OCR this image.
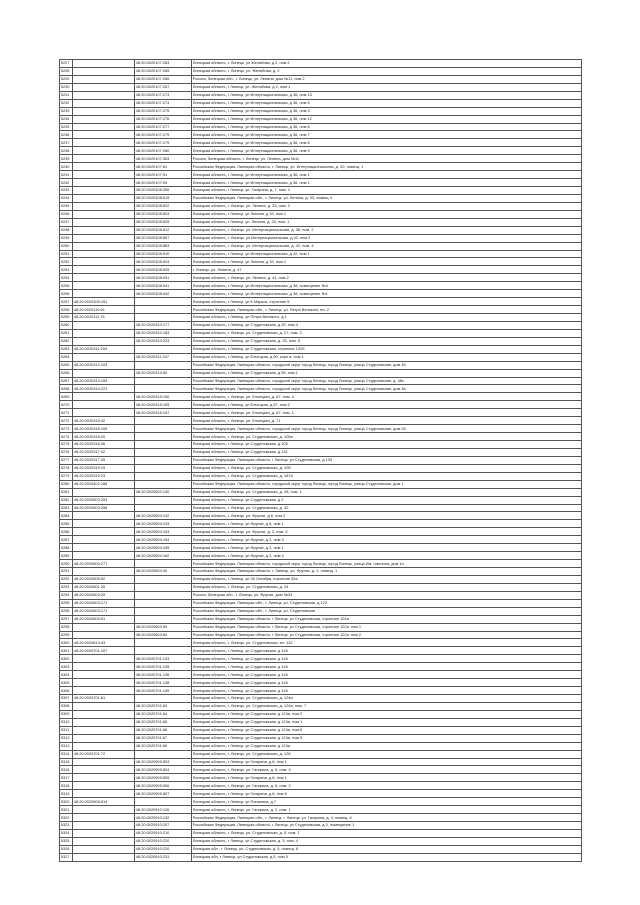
5227		48:20:0020107:263	Липецкая область, г. Липецк, ул Желябова, д 2, пом 2
5228		48:20:0020107:265	Липецкая область, г. Липецк, ул. Желябова, д. 2
5229		48:20:0020107:266	Россия, Липецкая обл., г. Липецк, ул. Ленина, дом №11, пом 2
5230		48:20:0020107:267	Липецкая область, г Липецк, ул. Желябова, д 2, пом 1
5231		48:20:0020107:273	Липецкая область, г Липецк, ул Интернациональная, д 36, пом 13
5232		48:20:0020107:274	Липецкая область, г Липецк, ул Интернациональная, д 36, пом 5
5233		48:20:0020107:275	Липецкая область, г Липецк, ул Интернациональная, д 36, пом 3
5234		48:20:0020107:276	Липецкая область, г Липецк, ул Интернациональная, д 36, пом 12
5235		48:20:0020107:277	Липецкая область, г Липецк, ул Интернациональная, д 36, пом 8
5236		48:20:0020107:279	Липецкая область, г Липецк, ул Интернациональная, д 36, пом 7
5237		48:20:0020107:279	Липецкая область, г Липецк, ул Интернациональная, д 36, пом 6
5238		48:20:0020107:280	Липецкая область, г Липецк, ул Интернациональная, д 36, пом 9
5239		48:20:0020107:353	Россия, Липецкая область, г. Липецк, ул. Ленина, дом №11
5240		48:20:0020107:81	Российская Федерация, Липецкая область, г. Липецк, ул. Интернациональная, д. 20, помещ. 1
5241		48:20:0020107:91	Липецкая область, г Липецк, ул Интернациональная, д 36, пом 1
5242		48:20:0020107:93	Липецкая область, г Липецк, ул Интернациональная, д 36, пом 1
5243		48:20:0020108:306	Липецкая область, г Липецк, ул. Гагарина, д. 7, пом. 1
5244		48:20:0020108:615	Российская Федерация, Липецкая обл., г. Липецк, ул. Ленина, д. 33, помещ 4
5245		48:20:0020108:622	Липецкая область, г. Липецк, ул. Ленина, д. 33, пом. 2
5246		48:20:0020108:624	Липецкая область, г Липецк, ул Ленина, д 33, пом 1
5247		48:20:0020108:625	Липецкая область, г Липецк, ул. Ленина, д. 33, пом. 1
5248		48:20:0020108:812	Липецкая область, г. Липецк, ул. Интернациональная, д. 38, пом. 2
5249		48:20:0020108:897	Липецкая область, г. Липецк, ул Интернациональная, д 42, пом 2
5250		48:20:0020108:863	Липецкая область, г. Липецк, ул. Интернациональная, д. 42, пом. 4
5251		48:20:0020108:910	Липецкая область, г Липецк, ул Интернациональная, д 42, пом 1
5252		48:20:0020108:924	Липецкая область, г Липецк, ул Ленина, д 33, пом 1
5253		48:20:0020108:925	г. Липецк, ул. Ленина, д. 47
5254		48:20:0020108:931	Липецкая область, г. Липецк, ул. Ленина, д. 41, пом 2
5255		48:20:0020108:941	Липецкая область, г Липецк, ул Интернациональная, д 38, помещение №4
5256		48:20:0020108:942	Липецкая область, г Липецк, ул Интернациональная, д 38, помещение №1
5257	48:20:0020109:151		Липецкая область, г Липецк, ул К Маркса, строение 5
5258	48:20:0020110:61		Российская Федерация, Липецкая обл., г. Липецк, ул. Петра Великого, вл. 2
5259	48:20:0020111:75		Липецкая область, г Липецк, ул Петра Великого, д 1
5260		48:20:0020310:177	Липецкая область, г Липецк, ул Студеновская, д 25, пом 4
5261		48:20:0020310:183	Липецкая область, г. Липецк, ул. Студеновская, д. 27, пом. 2
5262		48:20:0020310:223	Липецкая область, г Липецк, ул Студеновская, д. 25, пом. 5
5263	48:20:0020311:204		Липецкая область, г Липецк, ул Студеновская, строение 122б
5264		48:20:0020311:207	Липецкая область, г Липецк, ул Ельецкая, д 60, корп а, пом 1
5265	48:20:0020312:103		Российская Федерация, Липецкая область, городской округ город Липецк, город Липецк, улица Студеновская, дом 45
5266		48:20:0020313:50	Липецкая область, г Липецк, ул Студеновская, д 55, пом 1
5267	48:20:0020314:153		Российская Федерация, Липецкая область, городской округ город Липецк, город Липецк, улица Студеновская, д. 48с
5268	48:20:0020314:221		Российская Федерация, Липецкая область, городской округ город Липецк, город Липецк, улица Студеновская, дом 46
5269		48:20:0020315:150	Липецкая область, г. Липецк, ул. Ельецкая, д. 67, пом. 4
5270		48:20:0020315:155	Липецкая область, г Липецк, ул Ельецкая, д 67, пом 2
5271		48:20:0020315:157	Липецкая область, г. Липецк, ул. Ельецкая, д. 67, пом. 1
5272	48:20:0020315:42		Липецкая область, г. Липецк, ул. Ельецкая, д. 71
5273	48:20:0020316:105		Российская Федерация, Липецкая область, городской округ город Липецк, город Липецк, улица Студеновская, дом 93
5274	48:20:0020316:20		Липецкая область, г. Липецк, ул. Студеновская, д. 105а
5275	48:20:0020316:36		Липецкая область, г Липецк, ул Студеновская, д 105
5276	48:20:0020317:42		Липецкая область, г Липецк, ул Студеновская, д 131
5277	48:20:0020317:49		Российская Федерация, Липецкая область, г Липецк, ул Студеновская, д 133
5278	48:20:0020319:19		Липецкая область, г. Липецк, ул. Студеновская, д. 105
5279	48:20:0020319:23		Липецкая область, г. Липецк, ул. Студеновская, д. 187а
5280	48:20:0020402:168		Российская Федерация, Липецкая область, городской округ город Липецк, город Липецк, улица Студеновская, дом 1
5281		48:20:0020502:140	Липецкая область, г. Липецк, ул. Студеновская, д. 28, пом. 1
5282	48:20:0020503:293		Липецкая область, г Липецк, ул Студеновская, д 2
5283	48:20:0020503:298		Липецкая область, г. Липецк, ул. Студеновская, д. 32
5284		48:20:0020504:132	Липецкая область, г. Липецк, ул. Фрунзе, д 6, пом 2
5285		48:20:0020504:133	Липецкая область, г Липецк, ул Фрунзе, д 6, пом 1
5286		48:20:0020504:153	Липецкая область, г. Липецк, ул. Фрунзе, д. 2, пом. 5
5287		48:20:0020504:154	Липецкая область, г Липецк, ул Фрунзе, д 2, пом 3
5288		48:20:0020504:155	Липецкая область, г Липецк, ул Фрунзе, д 2, пом 1
5289		48:20:0020504:162	Липецкая область, г Липецк, ул Фрунзе, д 2, пом 4
5290	48:20:0020504:277		Российская Федерация, Липецкая область, городской округ город Липецк, город Липецк, улица Им. Чаплина, дом 1и
5291		48:20:0020504:40	Российская Федерация, Липецкая область, г. Липецк, ул. Фрунзе, д. 2, помещ. 1
5292	48:20:0020505:52		Липецкая область, г Липецк, ул 30 Октября, строение 33а
5293	48:20:0020601:26		Липецкая область, г. Липецк, ул. Студеновская, д. 24
5294	48:20:0020603:29		Россия, Липецкая обл., г. Липецк, ул. Фрунзе, дом №33
5295	48:20:0020603:171		Российская Федерация, Липецкая обл., г. Липецк, ул. Студеновская, д 122
5296	48:20:0020603:171		Российская Федерация, Липецкая обл., г. Липецк, ул. Студеновская
5297	48:20:0020603:51		Российская Федерация, Липецкая область, г Липецк, ул Студеновская, строение 124а
5298		48:20:0020603:59	Российская Федерация, Липецкая область, г Липецк, ул Студеновская, строение 122а, пом 1
5299		48:20:0020603:60	Российская Федерация, Липецкая область, г Липецк, ул Студеновская, строение 122а, пом 2
5300	48:20:0020613:43		Липецкая область, г. Липецк, ул. Студеновская, вл. 132
5301	48:20:0020701:107		Липецкая область, г Липецк, ул Студеновская, д 126
5302		48:20:0020701:133	Липецкая область, г Липецк, ул Студеновская, д 126
5303		48:20:0020701:135	Липецкая область, г Липецк, ул Студеновская, д 126
5304		48:20:0020701:136	Липецкая область, г Липецк, ул Студеновская, д 126
5305		48:20:0020701:138	Липецкая область, г Липецк, ул Студеновская, д 126
5306		48:20:0020701:139	Липецкая область, г Липецк, ул Студеновская, д 126
5307	48:20:0020701:61		Липецкая область, г. Липецк, ул. Студеновская, д. 124а
5308		48:20:0020701:63	Липецкая область, г. Липецк, ул. Студеновская, д. 124а, пом. 7
5309		48:20:0020701:64	Липецкая область, г Липецк, ул Студеновская, д 124а, пом 2
5310		48:20:0020701:65	Липецкая область, г Липецк, ул Студеновская, д 124а, пом 1
5311		48:20:0020701:66	Липецкая область, г Липецк, ул Студеновская, д 124а, пом 6
5312		48:20:0020701:67	Липецкая область, г Липецк, ул Студеновская, д 124а, пом 5
5313		48:20:0020701:69	Липецкая область, г Липецк, ул Студеновская, д 124а
5314	48:20:0020701:72		Липецкая область, г. Липецк, ул. Студеновская, д. 126
5315		48:20:0020905:503	Липецкая область, г Липецк, ул Гагарина, д 6, пом 1
5316		48:20:0020905:504	Липецкая область, г. Липецк, ул. Гагарина, д. 6, пом. 4
5317		48:20:0020905:505	Липецкая область, г Липецк, ул Гагарина, д 6, пом 1
5318		48:20:0020905:506	Липецкая область, г. Липецк, ул. Гагарина, д. 6, пом. 2
5319		48:20:0020905:507	Липецкая область, г Липецк, ул Гагарина, д 6, пом 5
5320	48:20:0020905:514		Липецкая область, г Липецк, ул Папанина, д 7
5321		48:20:0020910:126	Липецкая область, г. Липецк, ул. Гагарина, д. 2, пом. 1
5322		48:20:0020910:132	Российская Федерация, Липецкая обл., г. Липецк, г. Липецк, ул. Гагарина, д. 4, помещ. 4
5323		48:20:0020910:207	Российская Федерация, Липецкая область, г Липецк, ул Студеновская, д 3, помещение 1
5324		48:20:0020910:210	Липецкая область, г. Липецк, ул. Студеновская, д. 5, пом. 1
5325		48:20:0020910:220	Липецкая область, г Липецк, ул Студеновская, д. 5, пом. 4
5326		48:20:0020910:220	Липецкая обл., г. Липецк, ул. Студеновская, д. 5, помещ. 6
5327		48:20:0020910:231	Липецкая обл, г Липецк, ул Студеновская, д 5, пом 5
